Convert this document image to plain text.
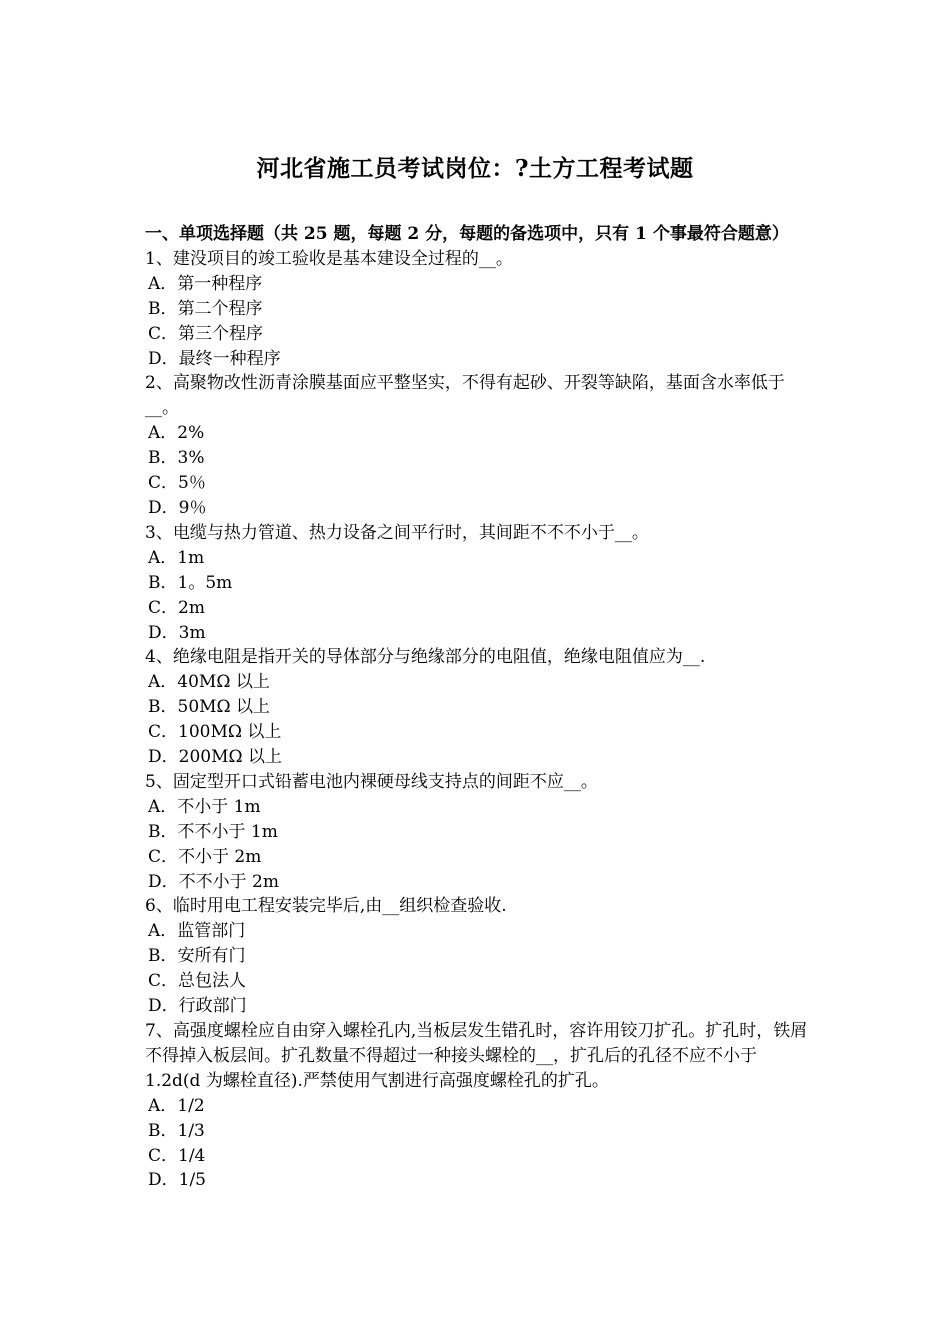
河北省施工员考试岗位：?土方工程考试题

一、单项选择题（共 25 题，每题 2 分，每题的备选项中，只有 1 个事最符合题意）

1、建没项目的竣工验收是基本建设全过程的__。

A．第一种程序

B．第二个程序

C．第三个程序

D．最终一种程序

2、高聚物改性沥青涂膜基面应平整坚实，不得有起砂、开裂等缺陷，基面含水率低于__。

A．2%

B．3%

C．5％

D．9％

3、电缆与热力管道、热力设备之间平行时，其间距不不不小于__。

A．1m

B．1。5m

C．2m

D．3m

4、绝缘电阻是指开关的导体部分与绝缘部分的电阻值，绝缘电阻值应为__.

A．40MΩ 以上

B．50MΩ 以上

C．100MΩ 以上

D．200MΩ 以上

5、固定型开口式铅蓄电池内裸硬母线支持点的间距不应__。

A．不小于 1m

B．不不小于 1m

C．不小于 2m

D．不不小于 2m

6、临时用电工程安装完毕后,由__组织检查验收.

A．监管部门

B．安所有门

C．总包法人

D．行政部门

7、高强度螺栓应自由穿入螺栓孔内,当板层发生错孔时，容许用铰刀扩孔。扩孔时，铁屑不得掉入板层间。扩孔数量不得超过一种接头螺栓的__，扩孔后的孔径不应不小于 1.2d(d 为螺栓直径).严禁使用气割进行高强度螺栓孔的扩孔。

A．1/2

B．1/3

C．1/4

D．1/5
